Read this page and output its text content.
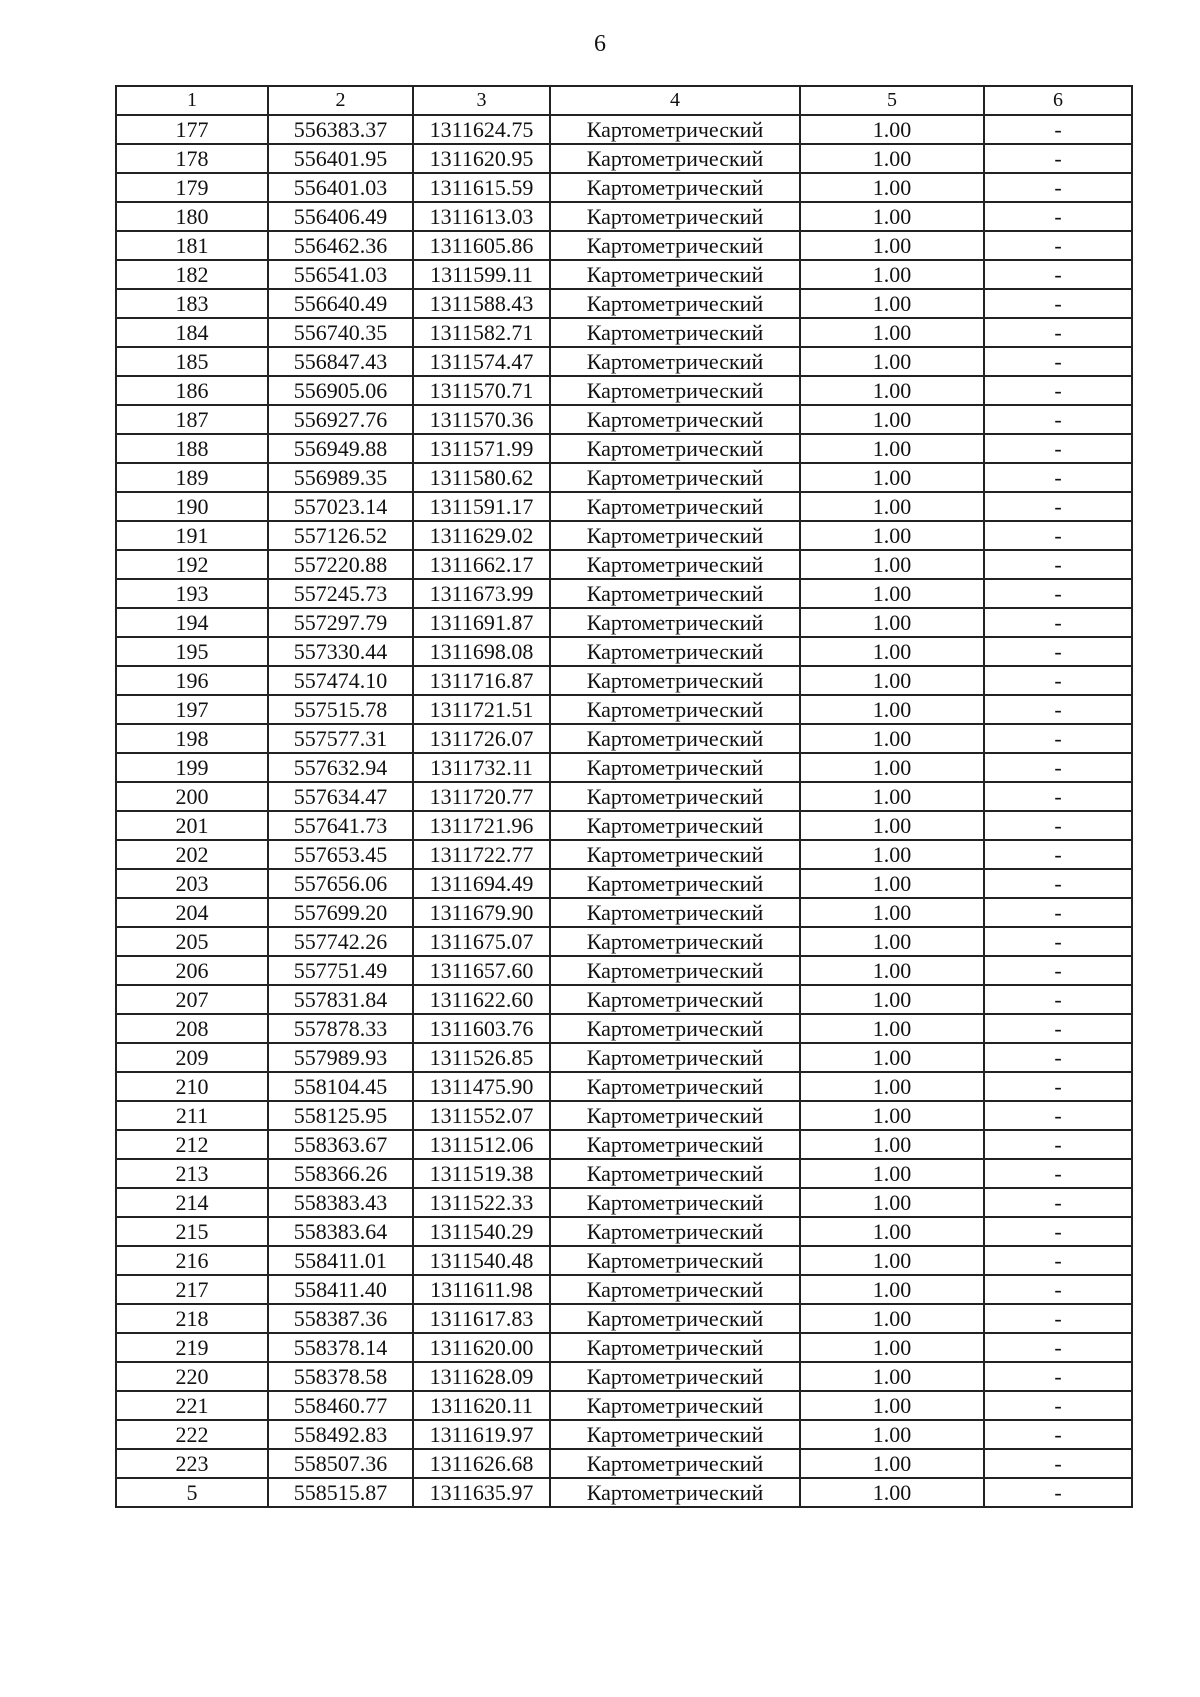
6
1	2	3	4	5	6
177	556383.37	1311624.75	Картометрический	1.00	-
178	556401.95	1311620.95	Картометрический	1.00	-
179	556401.03	1311615.59	Картометрический	1.00	-
180	556406.49	1311613.03	Картометрический	1.00	-
181	556462.36	1311605.86	Картометрический	1.00	-
182	556541.03	1311599.11	Картометрический	1.00	-
183	556640.49	1311588.43	Картометрический	1.00	-
184	556740.35	1311582.71	Картометрический	1.00	-
185	556847.43	1311574.47	Картометрический	1.00	-
186	556905.06	1311570.71	Картометрический	1.00	-
187	556927.76	1311570.36	Картометрический	1.00	-
188	556949.88	1311571.99	Картометрический	1.00	-
189	556989.35	1311580.62	Картометрический	1.00	-
190	557023.14	1311591.17	Картометрический	1.00	-
191	557126.52	1311629.02	Картометрический	1.00	-
192	557220.88	1311662.17	Картометрический	1.00	-
193	557245.73	1311673.99	Картометрический	1.00	-
194	557297.79	1311691.87	Картометрический	1.00	-
195	557330.44	1311698.08	Картометрический	1.00	-
196	557474.10	1311716.87	Картометрический	1.00	-
197	557515.78	1311721.51	Картометрический	1.00	-
198	557577.31	1311726.07	Картометрический	1.00	-
199	557632.94	1311732.11	Картометрический	1.00	-
200	557634.47	1311720.77	Картометрический	1.00	-
201	557641.73	1311721.96	Картометрический	1.00	-
202	557653.45	1311722.77	Картометрический	1.00	-
203	557656.06	1311694.49	Картометрический	1.00	-
204	557699.20	1311679.90	Картометрический	1.00	-
205	557742.26	1311675.07	Картометрический	1.00	-
206	557751.49	1311657.60	Картометрический	1.00	-
207	557831.84	1311622.60	Картометрический	1.00	-
208	557878.33	1311603.76	Картометрический	1.00	-
209	557989.93	1311526.85	Картометрический	1.00	-
210	558104.45	1311475.90	Картометрический	1.00	-
211	558125.95	1311552.07	Картометрический	1.00	-
212	558363.67	1311512.06	Картометрический	1.00	-
213	558366.26	1311519.38	Картометрический	1.00	-
214	558383.43	1311522.33	Картометрический	1.00	-
215	558383.64	1311540.29	Картометрический	1.00	-
216	558411.01	1311540.48	Картометрический	1.00	-
217	558411.40	1311611.98	Картометрический	1.00	-
218	558387.36	1311617.83	Картометрический	1.00	-
219	558378.14	1311620.00	Картометрический	1.00	-
220	558378.58	1311628.09	Картометрический	1.00	-
221	558460.77	1311620.11	Картометрический	1.00	-
222	558492.83	1311619.97	Картометрический	1.00	-
223	558507.36	1311626.68	Картометрический	1.00	-
5	558515.87	1311635.97	Картометрический	1.00	-
